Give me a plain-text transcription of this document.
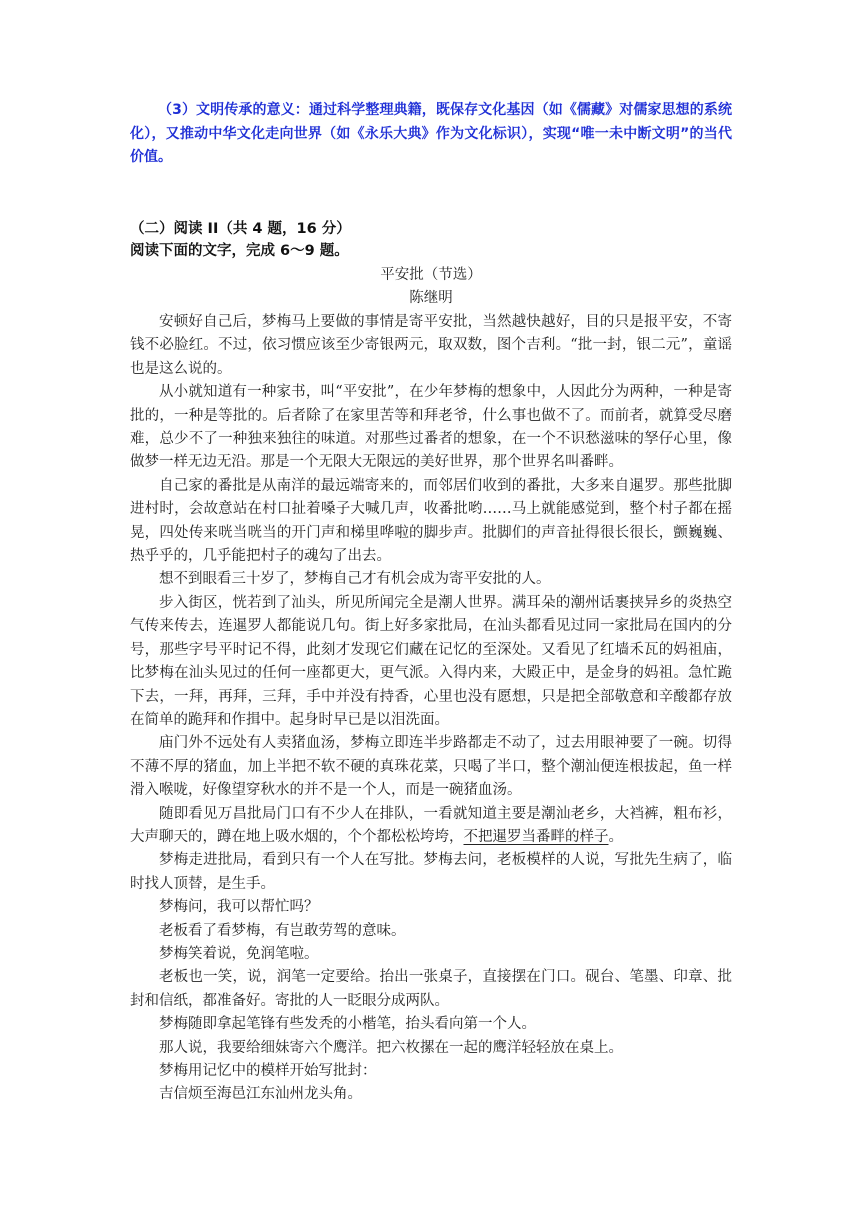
（3）文明传承的意义：通过科学整理典籍，既保存文化基因（如《儒藏》对儒家思想的系统化），又推动中华文化走向世界（如《永乐大典》作为文化标识），实现“唯一未中断文明”的当代价值。

（二）阅读 II（共 4 题，16 分）
阅读下面的文字，完成 6～9 题。
平安批（节选）
陈继明

安顿好自己后，梦梅马上要做的事情是寄平安批，当然越快越好，目的只是报平安，不寄钱不必脸红。不过，依习惯应该至少寄银两元，取双数，图个吉利。“批一封，银二元”，童谣也是这么说的。

从小就知道有一种家书，叫“平安批”，在少年梦梅的想象中，人因此分为两种，一种是寄批的，一种是等批的。后者除了在家里苦等和拜老爷，什么事也做不了。而前者，就算受尽磨难，总少不了一种独来独往的味道。对那些过番者的想象，在一个不识愁滋味的孥仔心里，像做梦一样无边无沿。那是一个无限大无限远的美好世界，那个世界名叫番畔。

自己家的番批是从南洋的最远端寄来的，而邻居们收到的番批，大多来自暹罗。那些批脚进村时，会故意站在村口扯着嗓子大喊几声，收番批哟……马上就能感觉到，整个村子都在摇晃，四处传来咣当咣当的开门声和梯里哗啦的脚步声。批脚们的声音扯得很长很长，颤巍巍、热乎乎的，几乎能把村子的魂勾了出去。

想不到眼看三十岁了，梦梅自己才有机会成为寄平安批的人。

步入街区，恍若到了汕头，所见所闻完全是潮人世界。满耳朵的潮州话裹挟异乡的炎热空气传来传去，连暹罗人都能说几句。街上好多家批局，在汕头都看见过同一家批局在国内的分号，那些字号平时记不得，此刻才发现它们藏在记忆的至深处。又看见了红墙禾瓦的妈祖庙，比梦梅在汕头见过的任何一座都更大，更气派。入得内来，大殿正中，是金身的妈祖。急忙跪下去，一拜，再拜，三拜，手中并没有持香，心里也没有愿想，只是把全部敬意和辛酸都存放在简单的跪拜和作揖中。起身时早已是以泪洗面。

庙门外不远处有人卖猪血汤，梦梅立即连半步路都走不动了，过去用眼神要了一碗。切得不薄不厚的猪血，加上半把不软不硬的真珠花菜，只喝了半口，整个潮汕便连根拔起，鱼一样滑入喉咙，好像望穿秋水的并不是一个人，而是一碗猪血汤。

随即看见万昌批局门口有不少人在排队，一看就知道主要是潮汕老乡，大裆裤，粗布衫，大声聊天的，蹲在地上吸水烟的，个个都松松垮垮，不把暹罗当番畔的样子。

梦梅走进批局，看到只有一个人在写批。梦梅去问，老板模样的人说，写批先生病了，临时找人顶替，是生手。

梦梅问，我可以帮忙吗？

老板看了看梦梅，有岂敢劳驾的意味。

梦梅笑着说，免润笔啦。

老板也一笑，说，润笔一定要给。抬出一张桌子，直接摆在门口。砚台、笔墨、印章、批封和信纸，都准备好。寄批的人一眨眼分成两队。

梦梅随即拿起笔锋有些发秃的小楷笔，抬头看向第一个人。

那人说，我要给细妹寄六个鹰洋。把六枚摞在一起的鹰洋轻轻放在桌上。

梦梅用记忆中的模样开始写批封：

吉信烦至海邑江东汕州龙头角。
